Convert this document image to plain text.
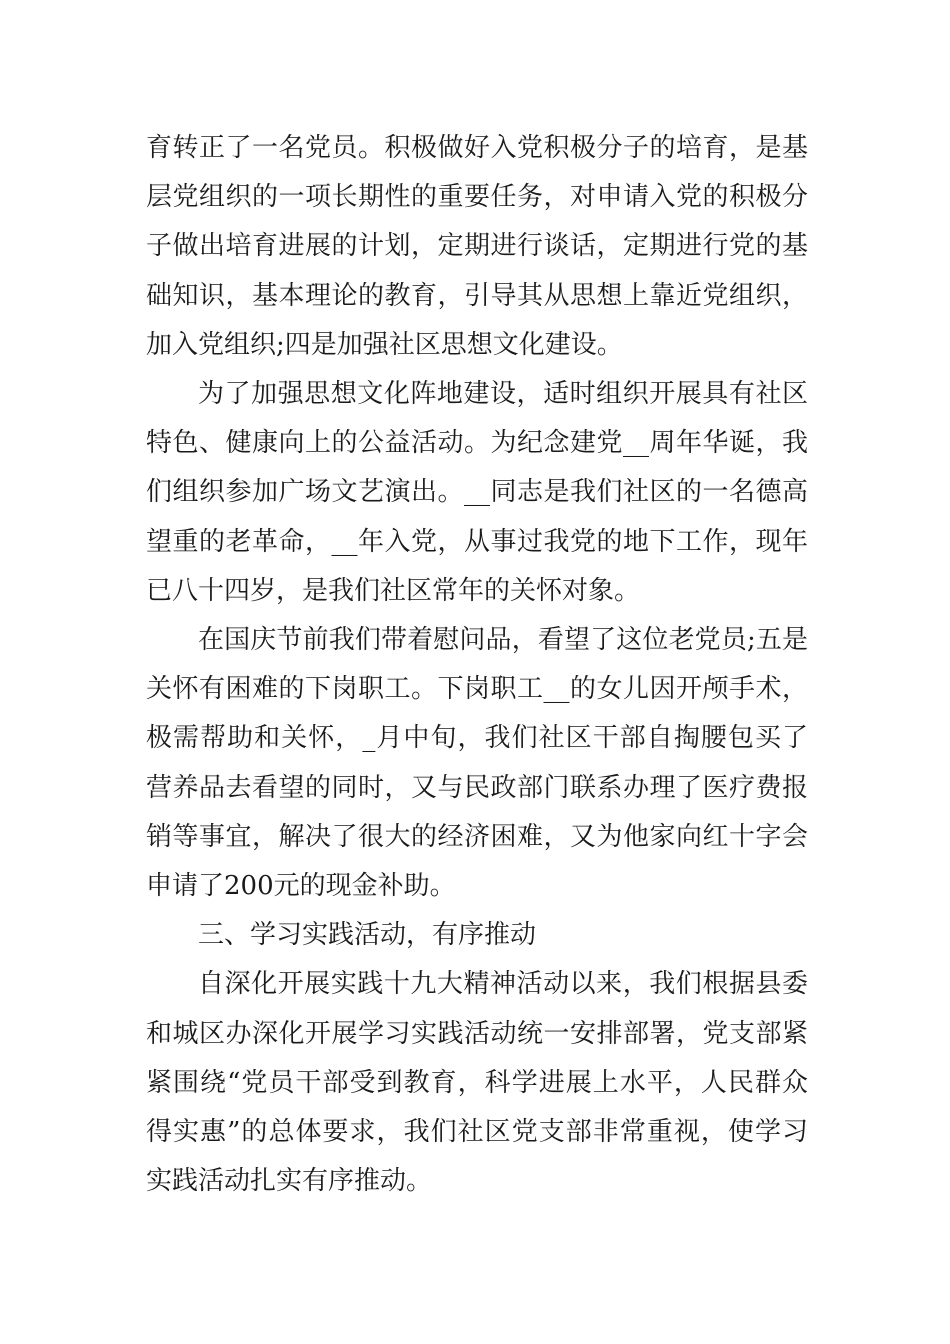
育转正了一名党员。积极做好入党积极分子的培育，是基层党组织的一项长期性的重要任务，对申请入党的积极分子做出培育进展的计划，定期进行谈话，定期进行党的基础知识，基本理论的教育，引导其从思想上靠近党组织，加入党组织;四是加强社区思想文化建设。

为了加强思想文化阵地建设，适时组织开展具有社区特色、健康向上的公益活动。为纪念建党__周年华诞，我们组织参加广场文艺演出。__同志是我们社区的一名德高望重的老革命，__年入党，从事过我党的地下工作，现年已八十四岁，是我们社区常年的关怀对象。

在国庆节前我们带着慰问品，看望了这位老党员;五是关怀有困难的下岗职工。下岗职工__的女儿因开颅手术，极需帮助和关怀，_月中旬，我们社区干部自掏腰包买了营养品去看望的同时，又与民政部门联系办理了医疗费报销等事宜，解决了很大的经济困难，又为他家向红十字会申请了200元的现金补助。

三、学习实践活动，有序推动

自深化开展实践十九大精神活动以来，我们根据县委和城区办深化开展学习实践活动统一安排部署，党支部紧紧围绕“党员干部受到教育，科学进展上水平，人民群众得实惠”的总体要求，我们社区党支部非常重视，使学习实践活动扎实有序推动。
